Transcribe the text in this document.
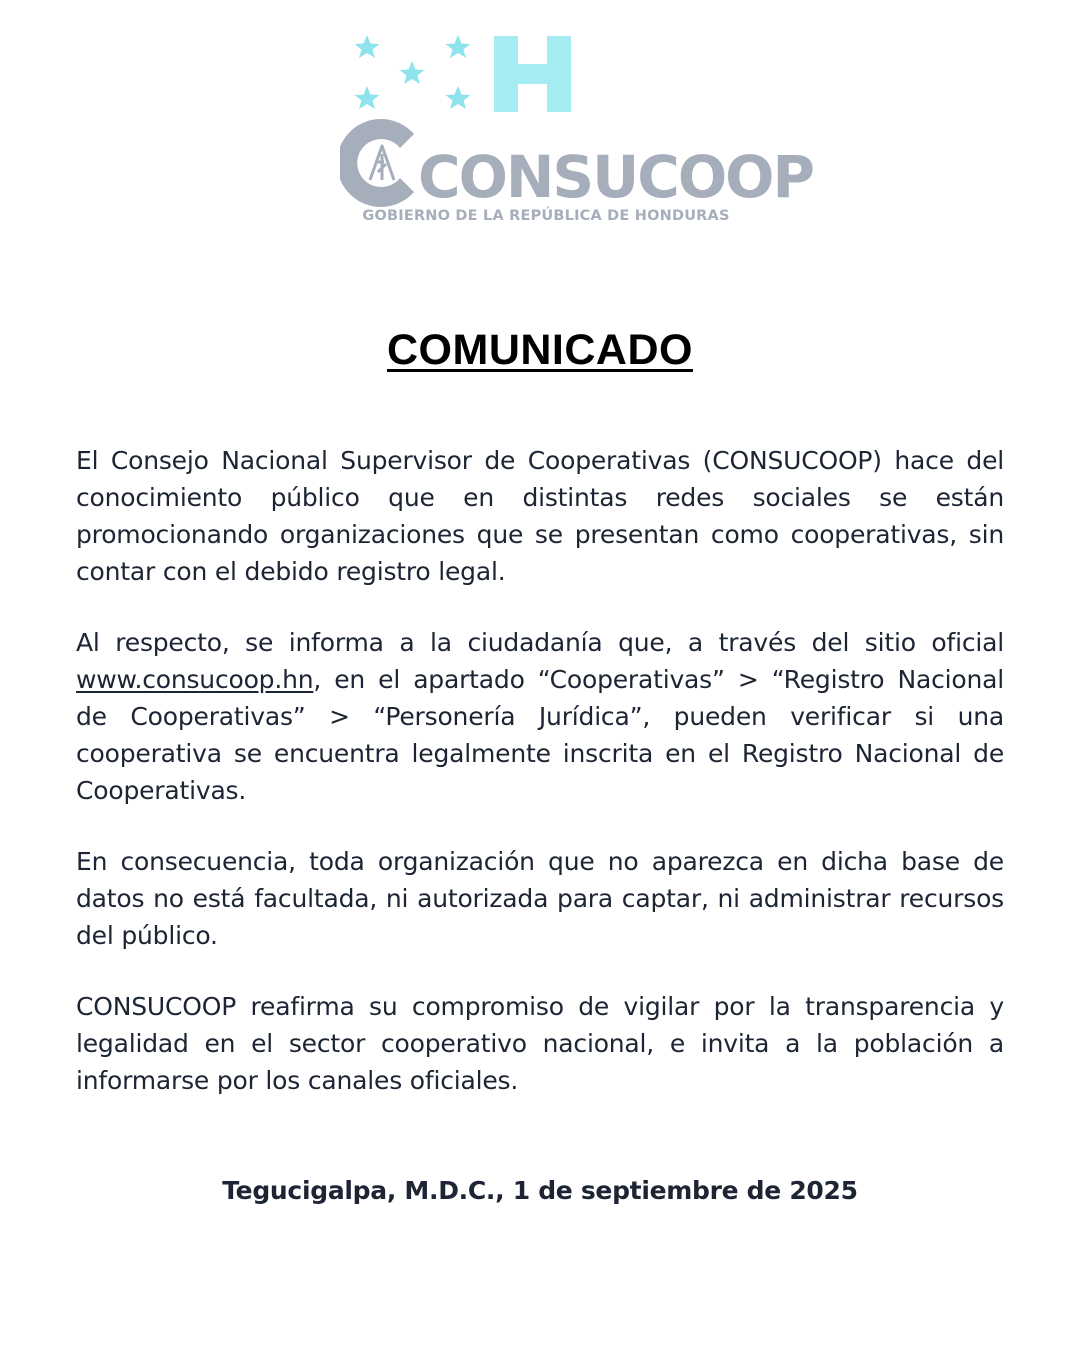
CONSUCOOP
GOBIERNO DE LA REPÚBLICA DE HONDURAS
COMUNICADO

El Consejo Nacional Supervisor de Cooperativas (CONSUCOOP) hace del conocimiento público que en distintas redes sociales se están promocionando organizaciones que se presentan como cooperativas, sin contar con el debido registro legal.

Al respecto, se informa a la ciudadanía que, a través del sitio oficial www.consucoop.hn, en el apartado “Cooperativas” > “Registro Nacional de Cooperativas” > “Personería Jurídica”, pueden verificar si una cooperativa se encuentra legalmente inscrita en el Registro Nacional de Cooperativas.

En consecuencia, toda organización que no aparezca en dicha base de datos no está facultada, ni autorizada para captar, ni administrar recursos del público.

CONSUCOOP reafirma su compromiso de vigilar por la transparencia y legalidad en el sector cooperativo nacional, e invita a la población a informarse por los canales oficiales.

Tegucigalpa, M.D.C., 1 de septiembre de 2025
